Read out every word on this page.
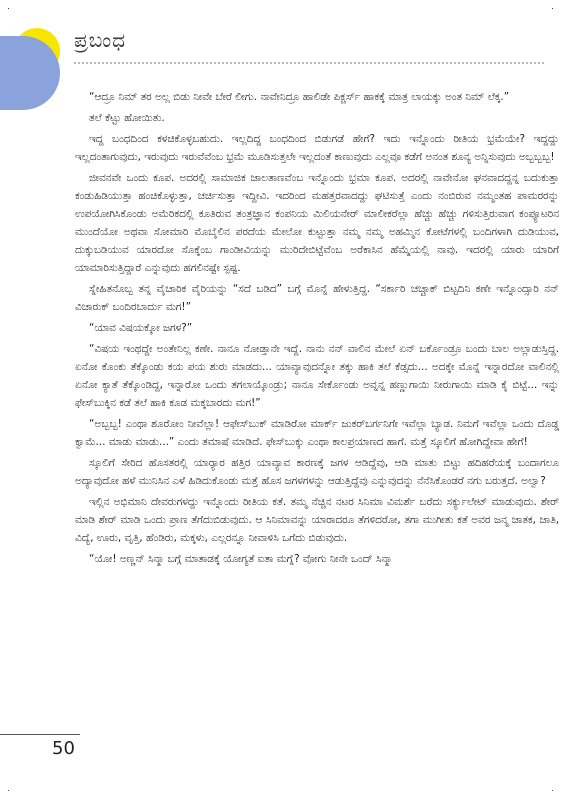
ಪ್ರಬಂಧ

“ಆದ್ರೂ ನಿಮ್ ತರ ಅಲ್ಲ ಬಿಡು ನೀವೇ ಬೇರೆ ಲೀಗು. ನಾವೇನಿದ್ರೂ ಹಾಲಿಡೇ ಪಿಕ್ಚರ್ಸ್ ಹಾಕಕ್ಕೆ ಮಾತ್ರ ಲಾಯಕ್ಕು ಅಂತ ನಿಮ್ ಲೆಕ್ಕ.”

ತಲೆ ಕೆಟ್ಟು ಹೋಯಿತು.

ಇದ್ದ ಬಂಧದಿಂದ ಕಳಚಿಕೊಳ್ಳಬಹುದು. ಇಲ್ಲದಿದ್ದ ಬಂಧದಿಂದ ಬಿಡುಗಡೆ ಹೇಗೆ? ಇದು ಇನ್ನೊಂದು ರೀತಿಯ ಭ್ರಮೆಯೇ? ಇದ್ದದ್ದು ಇಲ್ಲದಂತಾಗುವುದು, ಇರುವುದು ಇರುವೆವೆಂಬ ಭ್ರಮೆ ಮೂಡಿಸುತ್ತಲೇ ಇಲ್ಲದಂತೆ ಕಾಣುವುದು ಎಲ್ಲವೂ ಕಡೆಗೆ ಅನಂತ ಶೂನ್ಯ ಅನ್ನಿಸುವುದು ಅಬ್ಬಬ್ಬಬ್ಬ!

ಜೀವನವೇ ಒಂದು ಕೂಪ. ಅದರಲ್ಲಿ ಸಾಮಾಜಿಕ ಜಾಲತಾಣವೆಂಬ ಇನ್ನೊಂದು ಭ್ರಮಾ ಕೂಪ. ಅದರಲ್ಲಿ ನಾವೇನೋ ಘನವಾದದ್ದನ್ನ ಬದುಕುತ್ತಾ ಕಂಡುಹಿಡಿಯುತ್ತಾ ಹಂಚಿಕೊಳ್ಳುತ್ತಾ, ಚರ್ಚಿಸುತ್ತಾ ಇದ್ದೀವಿ. ಇದರಿಂದ ಮಹತ್ತರವಾದದ್ದು ಘಟಿಸುತ್ತೆ ಎಂದು ನಂಬಿರುವ ನಮ್ಮಂತಹ ಪಾಮರರನ್ನು ಉಪಯೋಗಿಸಿಕೊಂಡು ಅಮೆರಿಕದಲ್ಲಿ ಕೂತಿರುವ ತಂತ್ರಜ್ಞಾನ ಕಂಪನಿಯ ಮಿಲಿಯನೇರ್ ಮಾಲೀಕರೆಲ್ಲಾ ಹೆಚ್ಚು ಹೆಚ್ಚು ಗಳಿಸುತ್ತಿರುವಾಗ ಕಂಪ್ಯೂಟರಿನ ಮುಂದೆಯೋ ಅಥವಾ ಸೋಮಾರಿ ಮೊಬೈಲಿನ ಪರದೆಯ ಮೇಲೋ ಕುಟ್ಟುತ್ತಾ ನಮ್ಮ ನಮ್ಮ ಅಹಮ್ಮಿನ ಕೋಟೆಗಳಲ್ಲಿ ಬಂದಿಗಳಾಗಿ ದುಡಿಯುವ, ದುಕ್ಕುಬಡಿಯುವ ಯಾರದೋ ಸೊಕ್ಕೆಂಬ ಗಾಂಡೀವಿಯನ್ನು ಮುರಿದೇಬಿಟ್ಟೆವೆಂಬ ಅರೆಕಾಸಿನ ಹೆಮ್ಮೆಯಲ್ಲಿ ನಾವು. ಇದರಲ್ಲಿ ಯಾರು ಯಾರಿಗೆ ಯಾಮಾರಿಸುತ್ತಿದ್ದಾರೆ ಎನ್ನುವುದು ಹಗಲಿನಷ್ಟೇ ಸ್ಪಷ್ಟ.

ಸ್ನೇಹಿತನೊಬ್ಬ ತನ್ನ ವೈಚಾರಿಕ ವೈರಿಯನ್ನು “ಸದೆ ಬಡಿದ” ಬಗ್ಗೆ ಮೊನ್ನೆ ಹೇಳುತ್ತಿದ್ದ. “ಸರ್ಕಾರಿ ಚಚ್ಚಾಕ್ ಬಿಟ್ಟದಿನಿ ಕಣೇ ಇನ್ನೊಂದ್ಸಾರಿ ನನ್ ವಿಚಾರುಕ್ ಬಂದಿರಬಾರ್ದು ಮಗ!”

“ಯಾವ ವಿಷಯಕ್ಕೋ ಜಗಳ?”

“ವಿಷಯ ಇಂಥದ್ದೇ ಅಂತೇನಿಲ್ಲ ಕಣೇ. ನಾನೂ ನೋಡ್ತಾನೇ ಇದ್ದೆ. ನಾನು ನನ್ ವಾಲಿನ ಮೇಲೆ ಏನ್ ಬರ್ಕೊಂಡ್ರೂ ಬಂದು ಬಾಲ ಅಲ್ಲಾಡುಸ್ತಿದ್ದ. ಏನೋ ಕೊಂಕು ತೆಕ್ಕೊಂಡು ಕಯ ಪಯ ಶುರು ಮಾಡದು... ಯಾವ್ಯಾವುದನ್ನೋ ತಕ್ಕು ಹಾಕಿ ತಲೆ ಕೆಡ್ಸದು... ಅದಕ್ಕೇ ಮೊನ್ನೆ ಇನ್ನಾರದೋ ವಾಲಿನಲ್ಲಿ ಏನೋ ಕ್ಯಾತೆ ತೆಕ್ಕೊಂಡಿದ್ದ, ಇನ್ನಾರೋ ಒಂದು ತಗಲಾಯ್ಕೊಂಡ್ರು; ನಾನೂ ಸೇರ್ಕೊಂಡು ಅವ್ನನ್ನ ಹಣ್ಣುಗಾಯಿ ನೀರುಗಾಯಿ ಮಾಡಿ ಕೈ ಬಿಟ್ಟೆ... ಇನ್ನು ಫೇಸ್‌ಬುಕ್ಕಿನ ಕಡೆ ತಲೆ ಹಾಕಿ ಕೂಡ ಮಕ್ಕಬಾರದು ಮಗ!”

“ಅಬ್ಬಬ್ಬ! ಎಂಥಾ ಶೂರೋಂ ನೀವೆಲ್ಲಾ! ಆಫೇಸ್‌ಬುಕ್ ಮಾಡಿರೋ ಮಾರ್ಕ್ ಜುಕರ್‌ಬರ್ಗನಿಗೇ ಇವೆಲ್ಲಾ ಬ್ಯಾಡ. ನಿಮಗೆ ಇವೆಲ್ಲಾ ಒಂದು ದೊಡ್ಡ ಕ್ವಾಮೆ... ಮಾಡು ಮಾಡು...” ಎಂದು ತಮಾಷೆ ಮಾಡಿದೆ. ಫೇಸ್‌ಬುಕ್ಕು ಎಂಥಾ ಕಾಲಪ್ರಯಾಣದ ಹಾಗೆ. ಮತ್ತೆ ಸ್ಕೂಲಿಗೆ ಹೋಗಿದ್ದೇವಾ ಹೇಗೆ!

ಸ್ಕೂಲಿಗೆ ಸೇರಿದ ಹೊಸತರಲ್ಲಿ ಯಾರ್‍ಯಾರ ಹತ್ತಿರ ಯಾವ್ಯಾವ ಕಾರಣಕ್ಕೆ ಜಗಳ ಆಡಿದ್ದೆವು, ಆಡಿ ಮಾತು ಬಿಟ್ಟು ಹದಿಹರೆಯಕ್ಕೆ ಬಂದಾಗಲೂ ಅದ್ಯಾವುದೋ ಹಳೆ ಮುನಿಸಿನ ಎಳೆ ಹಿಡಿದುಕೊಂಡು ಮತ್ತೆ ಹೊಸ ಜಗಳಗಳನ್ನು ಆಡುತ್ತಿದ್ದೆವು ಎನ್ನುವುದನ್ನು ನೆನೆಸಿಕೊಂಡರೆ ನಗು ಬರುತ್ತದೆ. ಅಲ್ವಾ?

ಇಲ್ಲಿನ ಅಭಿಮಾನಿ ದೇವರುಗಳದ್ದು ಇನ್ನೊಂದು ರೀತಿಯ ಕತೆ. ತಮ್ಮ ನೆಚ್ಚಿನ ನಟರ ಸಿನಿಮಾ ವಿಮರ್ಶೆ ಬರೆದು ಸರ್ಕ್ಯುಲೇಟ್ ಮಾಡುವುದು. ಶೇರ್ ಮಾಡಿ ಶೇರ್ ಮಾಡಿ ಒಂದು ಪ್ರಾಣ ತೆಗೆದುಬಿಡುವುದು. ಆ ಸಿನಿಮಾವನ್ನು ಯಾರಾದರೂ ತೆಗಳಿದರೋ, ತಗಾ ಮುಗೀತು ಕತೆ ಅವರ ಜನ್ಮ ಜಾತಕ, ಜಾತಿ, ವಿದ್ಯೆ, ಊರು, ವೃತ್ತಿ, ಹೆಂಡಿರು, ಮಕ್ಕಳು, ಎಲ್ಲರನ್ನೂ ನೀವಾಳಿಸಿ ಒಗೆದು ಬಿಡುವುದು.

“ಯೋ! ಅಣ್ಣನ್ ಸಿನ್ಮಾ ಬಗ್ಗೆ ಮಾತಾಡಕ್ಕೆ ಯೋಗ್ಯತೆ ಐತಾ ಮಗ್ನೆ? ವೋಗು ನೀನೇ ಒಂದ್ ಸಿನ್ಮಾ

50
